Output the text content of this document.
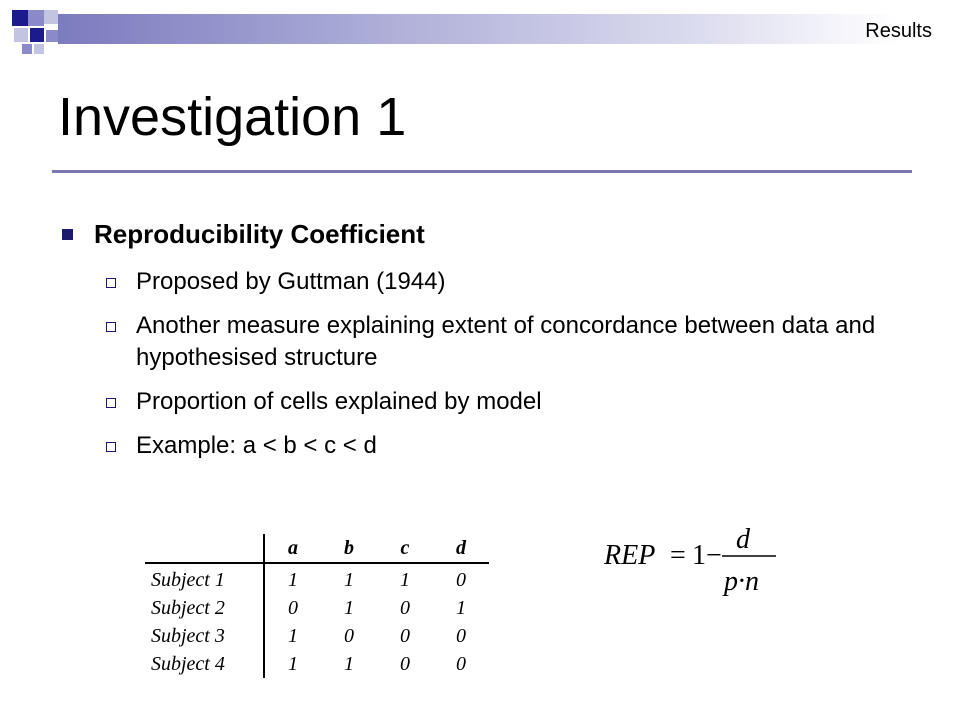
Results
Investigation 1
Reproducibility Coefficient
Proposed by Guttman (1944)
Another measure explaining extent of concordance between data and hypothesised structure
Proportion of cells explained by model
Example: a < b < c < d
	a	b	c	d
Subject 1	1	1	1	0
Subject 2	0	1	0	1
Subject 3	1	0	0	0
Subject 4	1	1	0	0
REP = 1 −
d
p·n
